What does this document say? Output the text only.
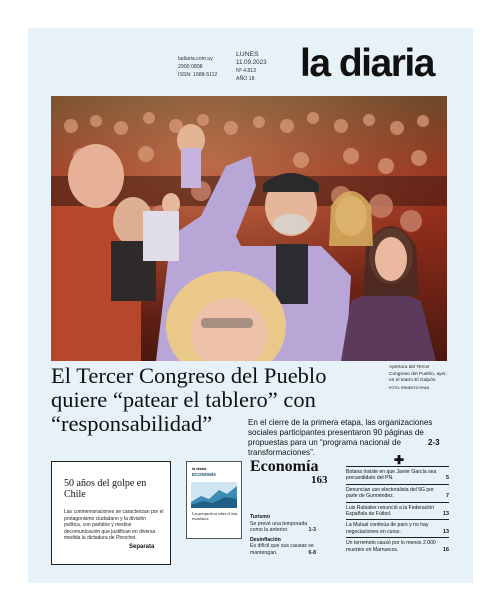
ladiaria.com.uy
2900 0808
ISSN: 1688-5112
LUNES
11.09.2023
Nº 4.813
AÑO 18	la diaria
Apertura del Tercer Congreso del Pueblo, ayer, en el teatro El Galpón.
FOTO: ERNESTO RYAN
El Tercer Congreso del Pueblo quiere “patear el tablero” con “responsabilidad”	En el cierre de la primera etapa, las organizaciones sociales participantes presentaron 90 páginas de propuestas para un “programa nacional de transformaciones”.
2-3
50 años del golpe en Chile
Las conmemoraciones se caracterizan por el protagonismo ciudadano y la división política, con partidos y medios decomunicación que justifican en diversa medida la dictadura de Pinochet.
Separata
la diaria
ECONOMÍA
Las perspectivas sobre el área económica
Economía
163
Turismo
Se prevé una temporada como la anterior.	1-3
Desinflación
Es difícil que sus causas se mantengan.	6-8
✚
Botana insiste en que Javier García sea precandidato del PN.	5
Denuncian uso electoralista del 5G por parte de Gurméndez.	7
Luis Rubiales renunció a la Federación Española de Fútbol.	13
La Mutual continúa de paro y no hay negociaciones en curso.	13
Un terremoto causó por lo menos 2.000 muertes en Marruecos.	16
